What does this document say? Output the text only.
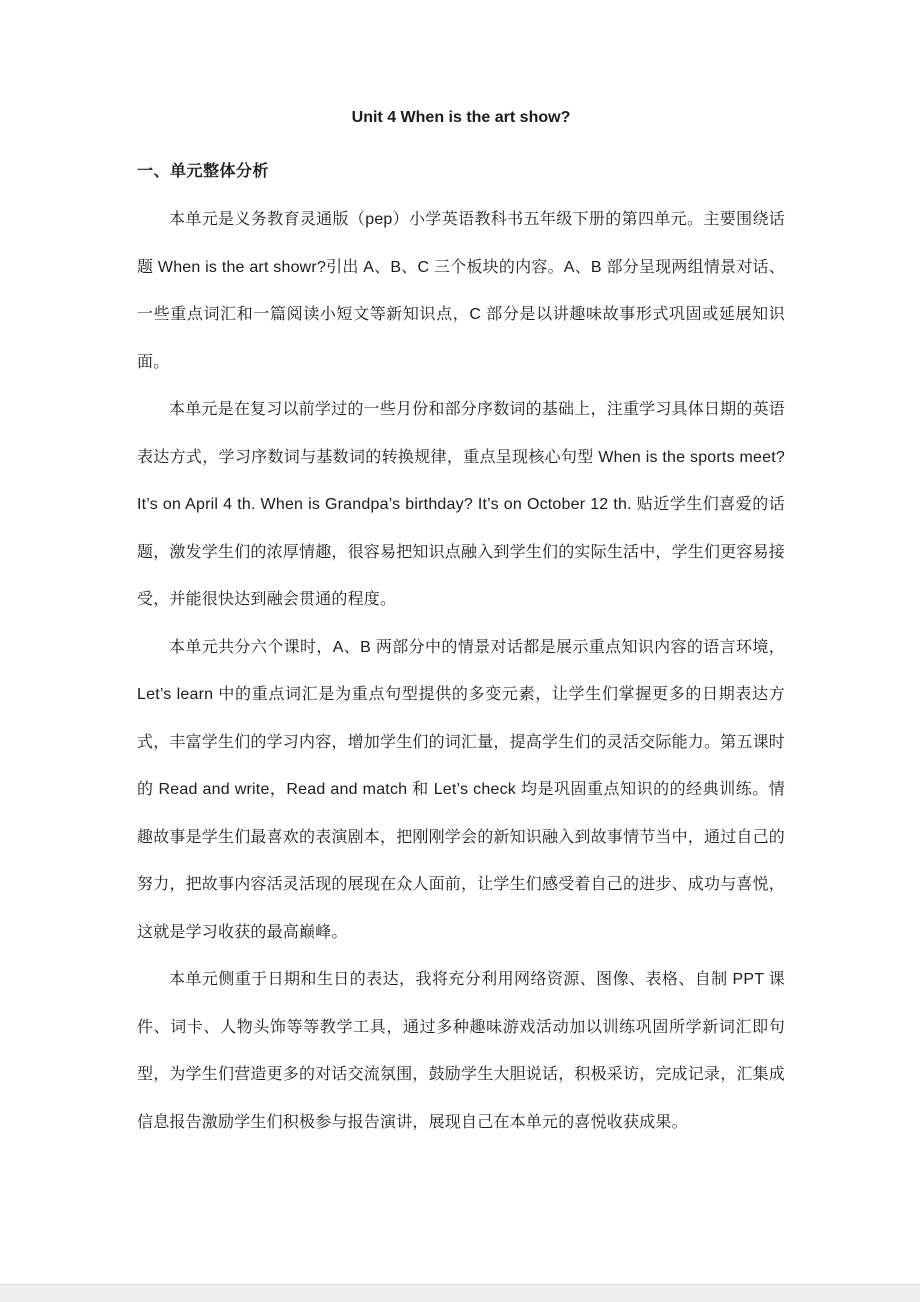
Unit 4 When is the art show?
一、单元整体分析

本单元是义务教育灵通版（pep）小学英语教科书五年级下册的第四单元。主要围绕话题 When is the art showr?引出 A、B、C 三个板块的内容。A、B 部分呈现两组情景对话、一些重点词汇和一篇阅读小短文等新知识点，C 部分是以讲趣味故事形式巩固或延展知识面。

本单元是在复习以前学过的一些月份和部分序数词的基础上，注重学习具体日期的英语表达方式，学习序数词与基数词的转换规律，重点呈现核心句型 When is the sports meet? It’s on April 4 th. When is Grandpa’s birthday? It’s on October 12 th. 贴近学生们喜爱的话题，激发学生们的浓厚情趣，很容易把知识点融入到学生们的实际生活中，学生们更容易接受，并能很快达到融会贯通的程度。

本单元共分六个课时，A、B 两部分中的情景对话都是展示重点知识内容的语言环境，Let’s learn 中的重点词汇是为重点句型提供的多变元素，让学生们掌握更多的日期表达方式，丰富学生们的学习内容，增加学生们的词汇量，提高学生们的灵活交际能力。第五课时的 Read and write，Read and match 和 Let’s check 均是巩固重点知识的的经典训练。情趣故事是学生们最喜欢的表演剧本，把刚刚学会的新知识融入到故事情节当中，通过自己的努力，把故事内容活灵活现的展现在众人面前，让学生们感受着自己的进步、成功与喜悦，这就是学习收获的最高巅峰。

本单元侧重于日期和生日的表达，我将充分利用网络资源、图像、表格、自制 PPT 课件、词卡、人物头饰等等教学工具，通过多种趣味游戏活动加以训练巩固所学新词汇即句型，为学生们营造更多的对话交流氛围，鼓励学生大胆说话，积极采访，完成记录，汇集成信息报告激励学生们积极参与报告演讲，展现自己在本单元的喜悦收获成果。
